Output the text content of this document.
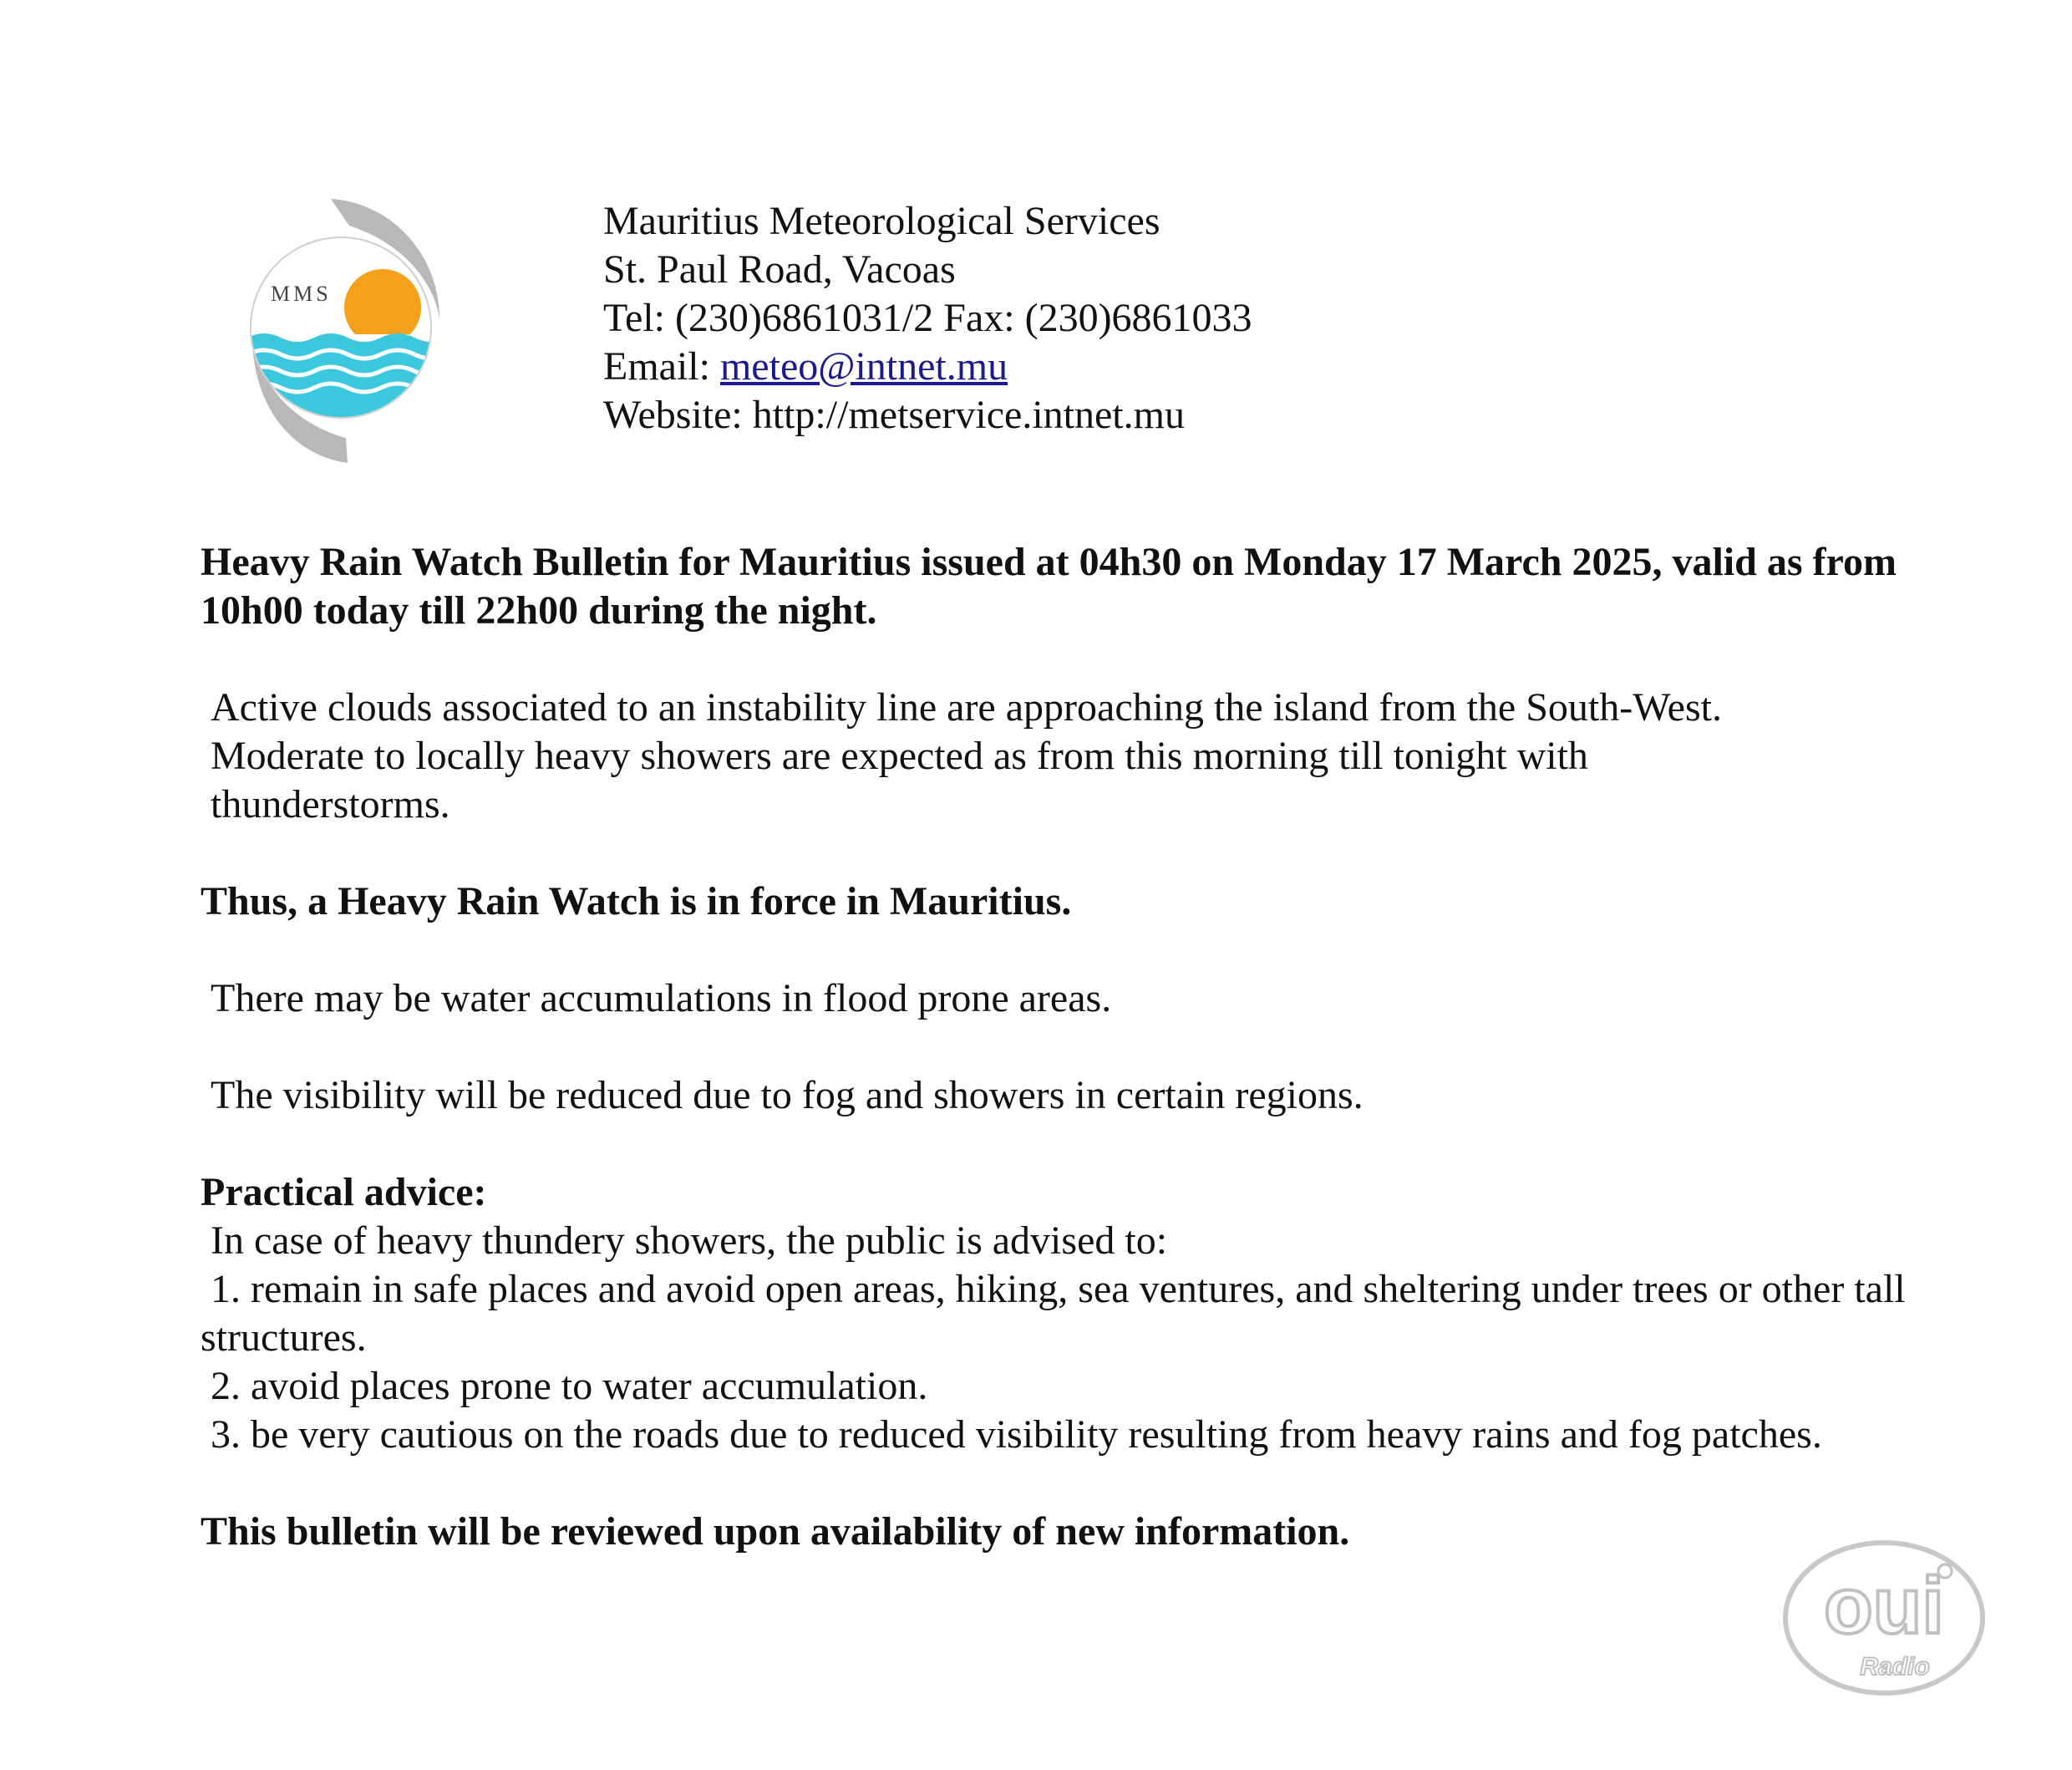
MMS
Mauritius Meteorological Services
St. Paul Road, Vacoas
Tel: (230)6861031/2 Fax: (230)6861033
Email: meteo@intnet.mu
Website: http://metservice.intnet.mu

Heavy Rain Watch Bulletin for Mauritius issued at 04h30 on Monday 17 March 2025, valid as from 10h00 today till 22h00 during the night.

Active clouds associated to an instability line are approaching the island from the South-West.

Moderate to locally heavy showers are expected as from this morning till tonight with

thunderstorms.

Thus, a Heavy Rain Watch is in force in Mauritius.

There may be water accumulations in flood prone areas.

The visibility will be reduced due to fog and showers in certain regions.

Practical advice:

In case of heavy thundery showers, the public is advised to:

1. remain in safe places and avoid open areas, hiking, sea ventures, and sheltering under trees or other tall structures.

2. avoid places prone to water accumulation.

3. be very cautious on the roads due to reduced visibility resulting from heavy rains and fog patches.

This bulletin will be reviewed upon availability of new information.

oui
Radio
